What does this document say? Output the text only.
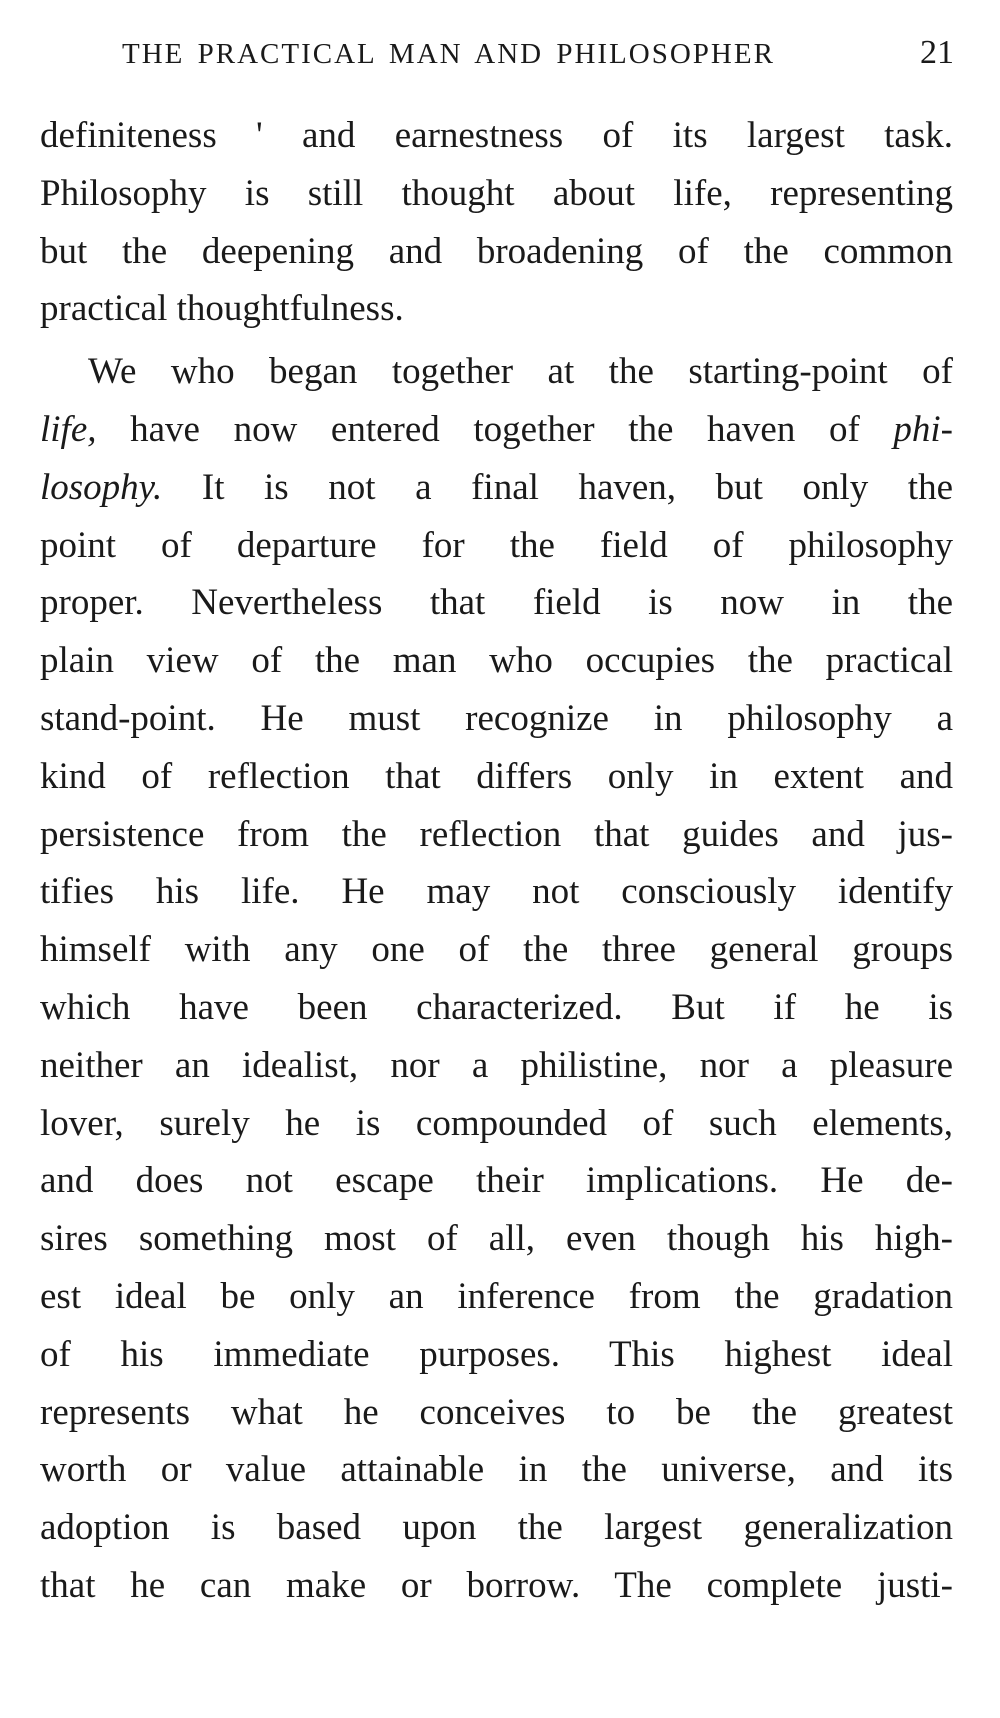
THE PRACTICAL MAN AND PHILOSOPHER	21
definiteness ' and earnestness of its largest task.
Philosophy is still thought about life, representing
but the deepening and broadening of the common
practical thoughtfulness.
We who began together at the starting-point of
life, have now entered together the haven of phi-
losophy. It is not a final haven, but only the
point of departure for the field of philosophy
proper. Nevertheless that field is now in the
plain view of the man who occupies the practical
stand-point. He must recognize in philosophy a
kind of reflection that differs only in extent and
persistence from the reflection that guides and jus-
tifies his life. He may not consciously identify
himself with any one of the three general groups
which have been characterized. But if he is
neither an idealist, nor a philistine, nor a pleasure
lover, surely he is compounded of such elements,
and does not escape their implications. He de-
sires something most of all, even though his high-
est ideal be only an inference from the gradation
of his immediate purposes. This highest ideal
represents what he conceives to be the greatest
worth or value attainable in the universe, and its
adoption is based upon the largest generalization
that he can make or borrow. The complete justi-
